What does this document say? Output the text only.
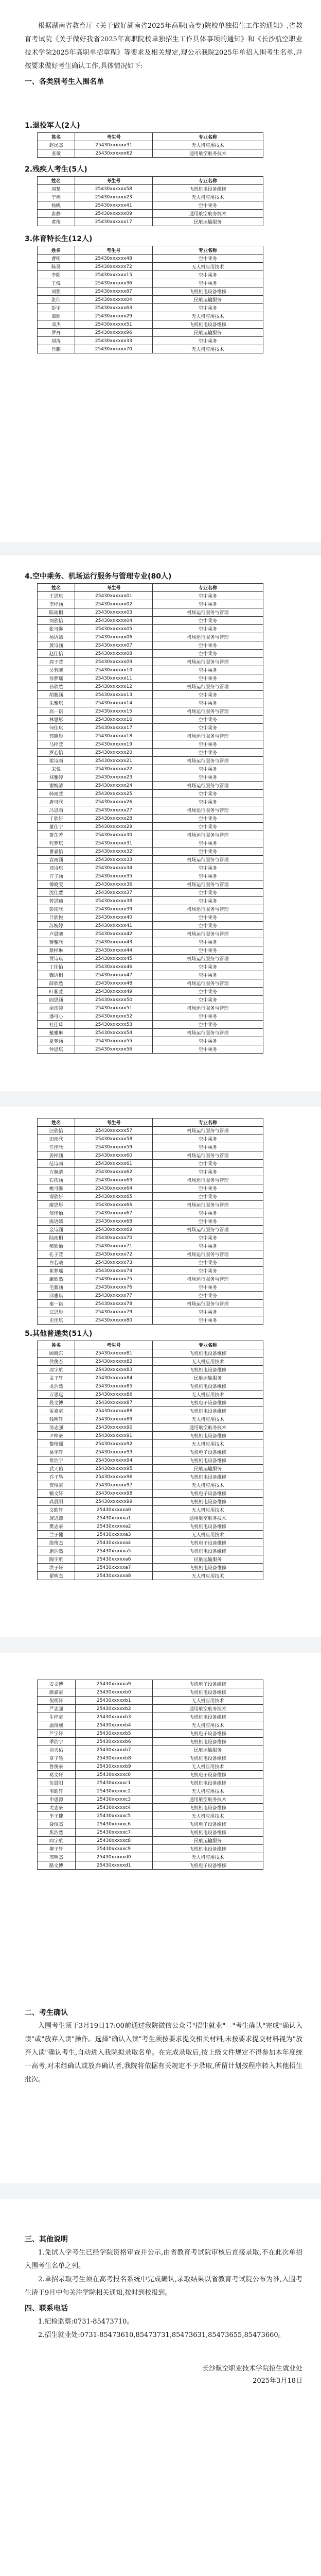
根据湖南省教育厅《关于做好湖南省2025年高职(高专)院校单独招生工作的通知》,省教育考试院《关于做好我省2025年高职院校单独招生工作具体事项的通知》和《长沙航空职业技术学院2025年高职单招章程》等要求及相关规定,现公示我院2025年单招入围考生名单,并按要求做好考生确认工作,具体情况如下:

一、各类别考生入围名单
1.退役军人(2人)
姓名	考生号	专业名称
赵民杰	25430xxxxxx31	无人机应用技术
张敏	25430xxxxxx62	通用航空航务技术
2.残疾人考生(5人)
姓名	考生号	专业名称
周楚	25430xxxxxx58	飞机机电设备维修
宁翔	25430xxxxxx23	无人机应用技术
杨帆	25430xxxxxx41	空中乘务
唐静	25430xxxxxx09	通用航空航务技术
黄俊	25430xxxxxx17	民航运输服务
3.体育特长生(12人)
姓名	考生号	专业名称
曹明	25430xxxxxx48	空中乘务
陈昊	25430xxxxxx72	无人机应用技术
李阳	25430xxxxxx15	空中乘务
王悦	25430xxxxxx36	空中乘务
刘强	25430xxxxxx87	飞机机电设备维修
张伟	25430xxxxxx04	民航运输服务
彭宇	25430xxxxxx63	空中乘务
谭欣	25430xxxxxx29	无人机应用技术
邓杰	25430xxxxxx51	飞机机电设备维修
罗丹	25430xxxxxx96	民航运输服务
胡涛	25430xxxxxx33	空中乘务
肖鹏	25430xxxxxx70	无人机应用技术
4.空中乘务、机场运行服务与管理专业(80人)
姓名	考生号	专业名称
王思琪	25430xxxxxx01	空中乘务
李梓涵	25430xxxxxx02	空中乘务
陈雨桐	25430xxxxxx03	机场运行服务与管理
刘欣怡	25430xxxxxx04	空中乘务
张可馨	25430xxxxxx05	空中乘务
杨语嫣	25430xxxxxx06	机场运行服务与管理
黄诗涵	25430xxxxxx07	空中乘务
赵佳怡	25430xxxxxx08	空中乘务
周子萱	25430xxxxxx09	机场运行服务与管理
吴若曦	25430xxxxxx10	空中乘务
徐梦瑶	25430xxxxxx11	空中乘务
孙欣然	25430xxxxxx12	机场运行服务与管理
胡紫涵	25430xxxxxx13	空中乘务
朱雅琪	25430xxxxxx14	空中乘务
高一诺	25430xxxxxx15	机场运行服务与管理
林思彤	25430xxxxxx16	空中乘务
何佳琪	25430xxxxxx17	空中乘务
郭晓彤	25430xxxxxx18	机场运行服务与管理
马梓萱	25430xxxxxx19	空中乘务
罗心怡	25430xxxxxx20	空中乘务
梁诗雨	25430xxxxxx21	机场运行服务与管理
宋悦	25430xxxxxx22	空中乘务
郑雅婷	25430xxxxxx23	空中乘务
谢婉清	25430xxxxxx24	机场运行服务与管理
韩雨萱	25430xxxxxx25	空中乘务
唐可欣	25430xxxxxx26	空中乘务
冯思雨	25430xxxxxx27	机场运行服务与管理
于欣妍	25430xxxxxx28	空中乘务
董佳宁	25430xxxxxx29	空中乘务
萧芷若	25430xxxxxx30	机场运行服务与管理
程梦琪	25430xxxxxx31	空中乘务
曹嘉怡	25430xxxxxx32	空中乘务
袁雨涵	25430xxxxxx33	机场运行服务与管理
邓诗琪	25430xxxxxx34	空中乘务
许子涵	25430xxxxxx35	空中乘务
傅晓雯	25430xxxxxx36	机场运行服务与管理
沈佳慧	25430xxxxxx37	空中乘务
曾思颖	25430xxxxxx38	空中乘务
彭雨欣	25430xxxxxx39	机场运行服务与管理
吕欣悦	25430xxxxxx40	空中乘务
苏婉婷	25430xxxxxx41	空中乘务
卢晨曦	25430xxxxxx42	机场运行服务与管理
蒋雅欣	25430xxxxxx43	空中乘务
蔡梓琳	25430xxxxxx44	空中乘务
贾诗琪	25430xxxxxx45	机场运行服务与管理
丁佳怡	25430xxxxxx46	空中乘务
魏语桐	25430xxxxxx47	空中乘务
薛欣然	25430xxxxxx48	机场运行服务与管理
叶紫萱	25430xxxxxx49	空中乘务
阎思涵	25430xxxxxx50	空中乘务
余雨婷	25430xxxxxx51	机场运行服务与管理
潘可心	25430xxxxxx52	空中乘务
杜佳琦	25430xxxxxx53	空中乘务
戴雅琳	25430xxxxxx54	机场运行服务与管理
夏梦涵	25430xxxxxx55	空中乘务
钟思琪	25430xxxxxx56	空中乘务
姓名	考生号	专业名称
汪欣怡	25430xxxxxx57	机场运行服务与管理
田雨欣	25430xxxxxx58	空中乘务
任佳欣	25430xxxxxx59	空中乘务
姜梓涵	25430xxxxxx60	机场运行服务与管理
范诗雨	25430xxxxxx61	空中乘务
方婉清	25430xxxxxx62	空中乘务
石雨涵	25430xxxxxx63	机场运行服务与管理
姚可馨	25430xxxxxx64	空中乘务
谭欣妍	25430xxxxxx65	空中乘务
廖思彤	25430xxxxxx66	机场运行服务与管理
邹佳怡	25430xxxxxx67	空中乘务
熊语嫣	25430xxxxxx68	空中乘务
金诗涵	25430xxxxxx69	机场运行服务与管理
陆雨桐	25430xxxxxx70	空中乘务
郝欣怡	25430xxxxxx71	空中乘务
孔子萱	25430xxxxxx72	机场运行服务与管理
白若曦	25430xxxxxx73	空中乘务
崔梦瑶	25430xxxxxx74	空中乘务
康欣然	25430xxxxxx75	机场运行服务与管理
毛紫涵	25430xxxxxx76	空中乘务
邱雅琪	25430xxxxxx77	空中乘务
秦一诺	25430xxxxxx78	机场运行服务与管理
江思彤	25430xxxxxx79	空中乘务
史佳琪	25430xxxxxx80	空中乘务
5.其他普通类(51人)
姓名	考生号	专业名称
顾晓东	25430xxxxxx81	飞机机电设备维修
侯俊杰	25430xxxxxx82	无人机应用技术
邵宇航	25430xxxxxx83	飞机机电设备维修
孟子轩	25430xxxxxx84	民航运输服务
龙浩然	25430xxxxxx85	飞机机电设备维修
万思远	25430xxxxxx86	无人机应用技术
段文博	25430xxxxxx87	飞机电子设备维修
雷嘉豪	25430xxxxxx88	飞机机电设备维修
钱明轩	25430xxxxxx89	无人机应用技术
汤志强	25430xxxxxx90	通用航空航务技术
尹梓豪	25430xxxxxx91	飞机机电设备维修
黎俊熙	25430xxxxxx92	无人机应用技术
易宇轩	25430xxxxxx93	飞机电子设备维修
常浩宇	25430xxxxxx94	飞机机电设备维修
武天佑	25430xxxxxx95	民航运输服务
乔子墨	25430xxxxxx96	飞机机电设备维修
贺俊豪	25430xxxxxx97	无人机应用技术
赖文轩	25430xxxxxx98	飞机电子设备维修
龚晨阳	25430xxxxxx99	飞机机电设备维修
文皓轩	25430xxxxxa0	无人机应用技术
庞思源	25430xxxxxa1	通用航空航务技术
樊志豪	25430xxxxxa2	飞机机电设备维修
兰子健	25430xxxxxa3	无人机应用技术
殷俊杰	25430xxxxxa4	飞机电子设备维修
施浩然	25430xxxxxa5	飞机机电设备维修
陶宇航	25430xxxxxa6	民航运输服务
洪子轩	25430xxxxxa7	飞机机电设备维修
翟明杰	25430xxxxxa8	无人机应用技术
安文博	25430xxxxxa9	飞机电子设备维修
颜嘉豪	25430xxxxxb0	飞机机电设备维修
倪明轩	25430xxxxxb1	无人机应用技术
严志强	25430xxxxxb2	通用航空航务技术
牛梓豪	25430xxxxxb3	飞机机电设备维修
温俊熙	25430xxxxxb4	无人机应用技术
芦宇轩	25430xxxxxb5	飞机电子设备维修
季浩宇	25430xxxxxb6	飞机机电设备维修
俞天佑	25430xxxxxb7	民航运输服务
章子墨	25430xxxxxb8	飞机机电设备维修
鲁俊豪	25430xxxxxb9	无人机应用技术
葛文轩	25430xxxxxc0	飞机电子设备维修
伍晨阳	25430xxxxxc1	飞机机电设备维修
韦皓轩	25430xxxxxc2	无人机应用技术
申思源	25430xxxxxc3	通用航空航务技术
尤志豪	25430xxxxxc4	飞机机电设备维修
毕子健	25430xxxxxc5	无人机应用技术
聂俊杰	25430xxxxxc6	飞机电子设备维修
焦浩然	25430xxxxxc7	飞机机电设备维修
向宇航	25430xxxxxc8	民航运输服务
柳子轩	25430xxxxxc9	飞机机电设备维修
邢明杰	25430xxxxxd0	无人机应用技术
路文博	25430xxxxxd1	飞机电子设备维修
二、考生确认

入围考生须于3月19日17:00前通过我院微信公众号"招生就业"—"考生确认"完成"确认入读"或"放弃入读"操作。选择"确认入读"考生须按要求提交相关材料,未按要求提交材料视为"放弃入读"确认考生,自动进入我院拟录取名单。在完成录取后,按上级文件规定不得参加本年度统一高考,对未经确认或放弃确认者,我院将依据有关规定不予录取,所留计划按程序转入其他招生批次。

三、其他说明

1.免试入学考生已经学院资格审查并公示,由省教育考试院审核后直接录取,不在此次单招入围考生名单之列。

2.单招录取考生须在高考报名系统中完成确认,录取结果以省教育考试院公布为准,入围考生请于9月中旬关注学院相关通知,按时到校报到。

四、联系电话

1.纪检监察:0731-85473710。

2.招生就业处:0731-85473610,85473731,85473631,85473655,85473660。

长沙航空职业技术学院招生就业处

2025年3月18日
